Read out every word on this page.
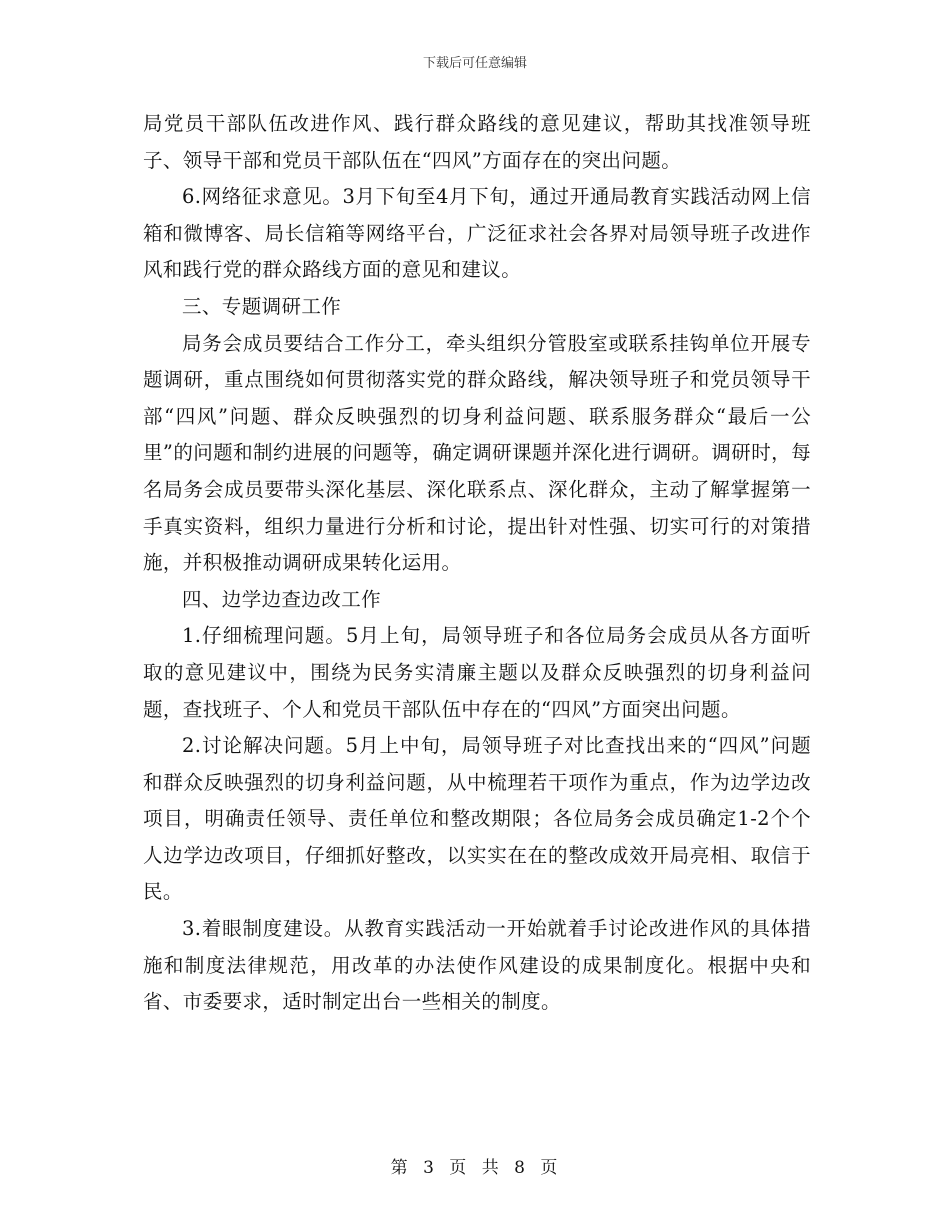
下载后可任意编辑

局党员干部队伍改进作风、践行群众路线的意见建议，帮助其找准领导班子、领导干部和党员干部队伍在“四风”方面存在的突出问题。

6.网络征求意见。3月下旬至4月下旬，通过开通局教育实践活动网上信箱和微博客、局长信箱等网络平台，广泛征求社会各界对局领导班子改进作风和践行党的群众路线方面的意见和建议。

三、专题调研工作

局务会成员要结合工作分工，牵头组织分管股室或联系挂钩单位开展专题调研，重点围绕如何贯彻落实党的群众路线，解决领导班子和党员领导干部“四风”问题、群众反映强烈的切身利益问题、联系服务群众“最后一公里”的问题和制约进展的问题等，确定调研课题并深化进行调研。调研时，每名局务会成员要带头深化基层、深化联系点、深化群众，主动了解掌握第一手真实资料，组织力量进行分析和讨论，提出针对性强、切实可行的对策措施，并积极推动调研成果转化运用。

四、边学边查边改工作

1.仔细梳理问题。5月上旬，局领导班子和各位局务会成员从各方面听取的意见建议中，围绕为民务实清廉主题以及群众反映强烈的切身利益问题，查找班子、个人和党员干部队伍中存在的“四风”方面突出问题。

2.讨论解决问题。5月上中旬，局领导班子对比查找出来的“四风”问题和群众反映强烈的切身利益问题，从中梳理若干项作为重点，作为边学边改项目，明确责任领导、责任单位和整改期限；各位局务会成员确定1-2个个人边学边改项目，仔细抓好整改，以实实在在的整改成效开局亮相、取信于民。

3.着眼制度建设。从教育实践活动一开始就着手讨论改进作风的具体措施和制度法律规范，用改革的办法使作风建设的成果制度化。根据中央和省、市委要求，适时制定出台一些相关的制度。

第 3 页 共 8 页
